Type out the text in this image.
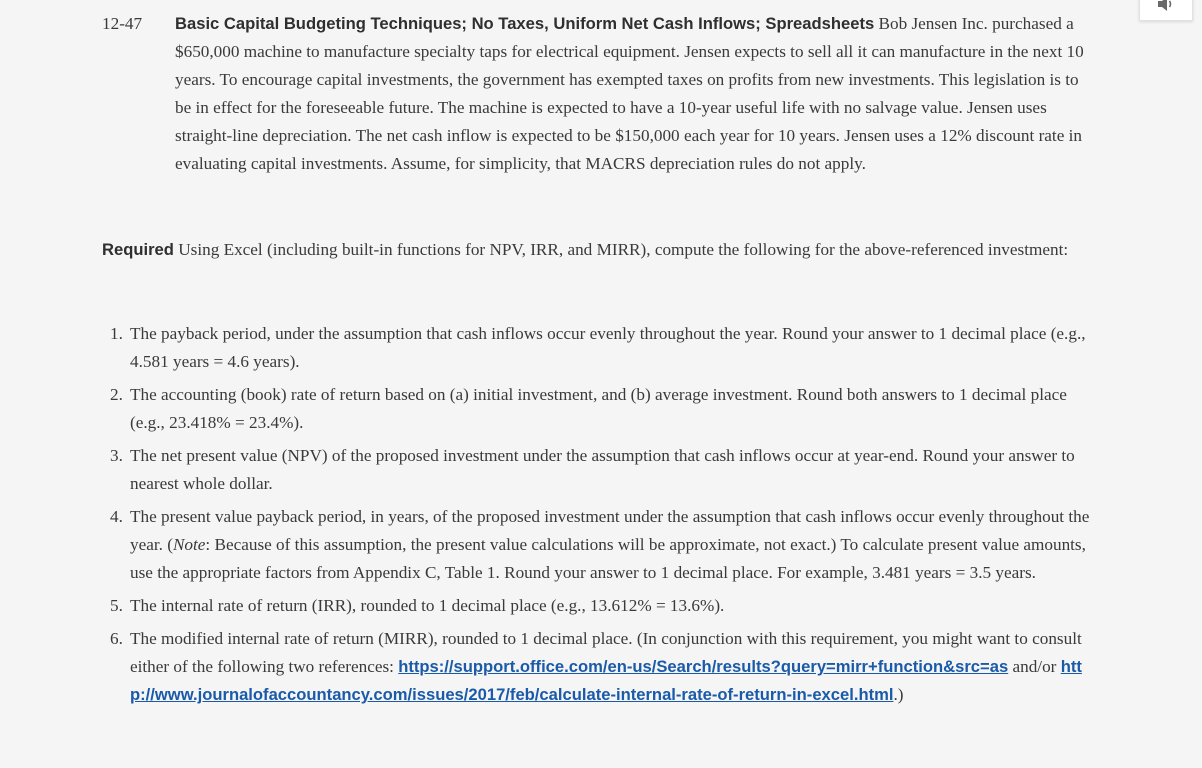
12-47	Basic Capital Budgeting Techniques; No Taxes, Uniform Net Cash Inflows; Spreadsheets Bob Jensen Inc. purchased a $650,000 machine to manufacture specialty taps for electrical equipment. Jensen expects to sell all it can manufacture in the next 10 years. To encourage capital investments, the government has exempted taxes on profits from new investments. This legislation is to be in effect for the foreseeable future. The machine is expected to have a 10-year useful life with no salvage value. Jensen uses straight-line depreciation. The net cash inflow is expected to be $150,000 each year for 10 years. Jensen uses a 12% discount rate in evaluating capital investments. Assume, for simplicity, that MACRS depreciation rules do not apply.
Required Using Excel (including built-in functions for NPV, IRR, and MIRR), compute the following for the above-referenced investment:
1. The payback period, under the assumption that cash inflows occur evenly throughout the year. Round your answer to 1 decimal place (e.g., 4.581 years = 4.6 years).
2. The accounting (book) rate of return based on (a) initial investment, and (b) average investment. Round both answers to 1 decimal place (e.g., 23.418% = 23.4%).
3. The net present value (NPV) of the proposed investment under the assumption that cash inflows occur at year-end. Round your answer to nearest whole dollar.
4. The present value payback period, in years, of the proposed investment under the assumption that cash inflows occur evenly throughout the year. (Note: Because of this assumption, the present value calculations will be approximate, not exact.) To calculate present value amounts, use the appropriate factors from Appendix C, Table 1. Round your answer to 1 decimal place. For example, 3.481 years = 3.5 years.
5. The internal rate of return (IRR), rounded to 1 decimal place (e.g., 13.612% = 13.6%).
6. The modified internal rate of return (MIRR), rounded to 1 decimal place. (In conjunction with this requirement, you might want to consult either of the following two references: https://support.office.com/en-us/Search/results?query=mirr+function&src=as and/or http://www.journalofaccountancy.com/issues/2017/feb/calculate-internal-rate-of-return-in-excel.html.)
